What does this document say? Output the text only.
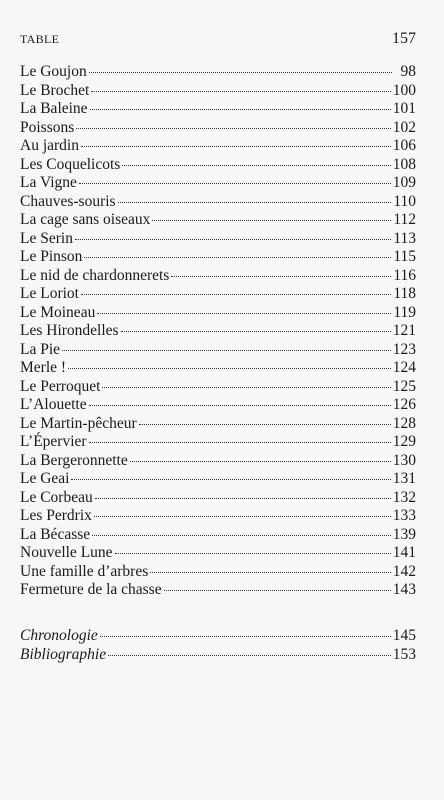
TABLE	157
Le Goujon	98
Le Brochet	100
La Baleine	101
Poissons	102
Au jardin	106
Les Coquelicots	108
La Vigne	109
Chauves-souris	110
La cage sans oiseaux	112
Le Serin	113
Le Pinson	115
Le nid de chardonnerets	116
Le Loriot	118
Le Moineau	119
Les Hirondelles	121
La Pie	123
Merle !	124
Le Perroquet	125
L’Alouette	126
Le Martin-pêcheur	128
L’Épervier	129
La Bergeronnette	130
Le Geai	131
Le Corbeau	132
Les Perdrix	133
La Bécasse	139
Nouvelle Lune	141
Une famille d’arbres	142
Fermeture de la chasse	143
Chronologie	145
Bibliographie	153
